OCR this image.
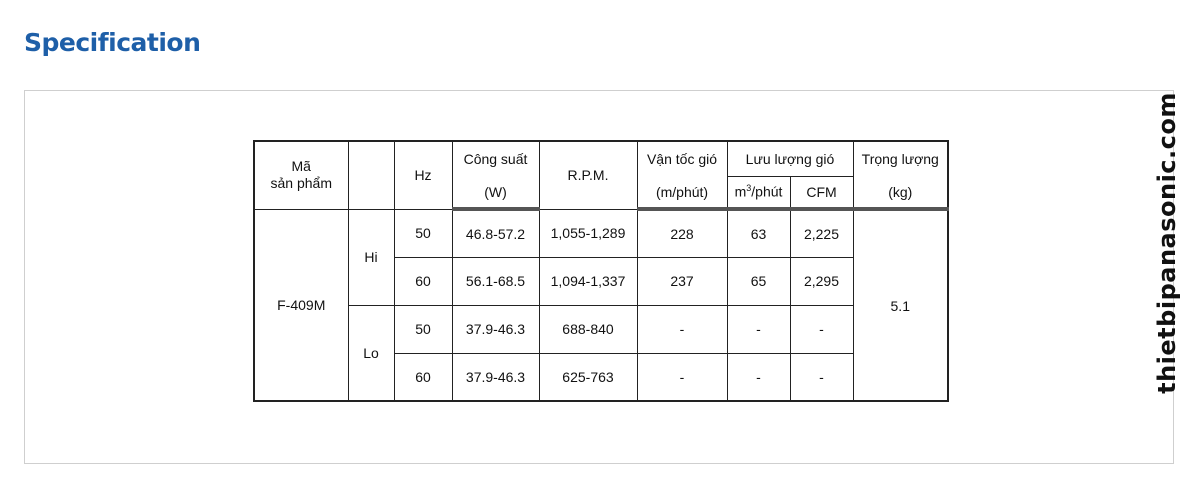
Specification
Mã
sản phẩm		Hz	Công suất	R.P.M.	Vận tốc gió	Lưu lượng gió		Trọng lượng
			(W)		(m/phút)	$m^3$/phút	CFM	(kg)
F-409M	Hi	50	46.8-57.2	1,055-1,289	228	63	2,225	5.1
		60	56.1-68.5	1,094-1,337	237	65	2,295	
	Lo	50	37.9-46.3	688-840	-	-	-	
		60	37.9-46.3	625-763	-	-	-		thietbipanasonic.com
